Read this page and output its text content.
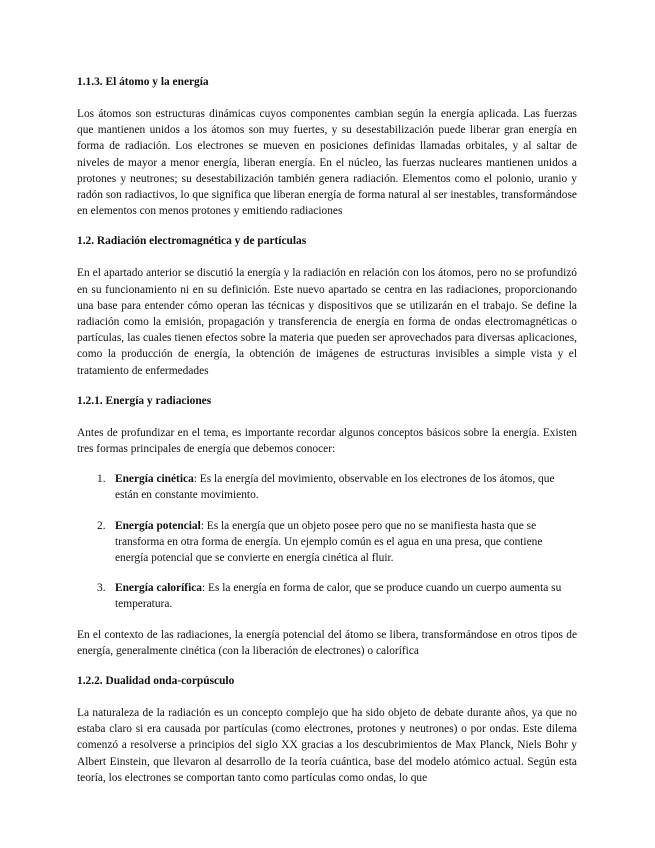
1.1.3. El átomo y la energía

Los átomos son estructuras dinámicas cuyos componentes cambian según la energía aplicada. Las fuerzas que mantienen unidos a los átomos son muy fuertes, y su desestabilización puede liberar gran energía en forma de radiación. Los electrones se mueven en posiciones definidas llamadas orbitales, y al saltar de niveles de mayor a menor energía, liberan energía. En el núcleo, las fuerzas nucleares mantienen unidos a protones y neutrones; su desestabilización también genera radiación. Elementos como el polonio, uranio y radón son radiactivos, lo que significa que liberan energía de forma natural al ser inestables, transformándose en elementos con menos protones y emitiendo radiaciones

1.2. Radiación electromagnética y de partículas

En el apartado anterior se discutió la energía y la radiación en relación con los átomos, pero no se profundizó en su funcionamiento ni en su definición. Este nuevo apartado se centra en las radiaciones, proporcionando una base para entender cómo operan las técnicas y dispositivos que se utilizarán en el trabajo. Se define la radiación como la emisión, propagación y transferencia de energía en forma de ondas electromagnéticas o partículas, las cuales tienen efectos sobre la materia que pueden ser aprovechados para diversas aplicaciones, como la producción de energía, la obtención de imágenes de estructuras invisibles a simple vista y el tratamiento de enfermedades

1.2.1. Energía y radiaciones

Antes de profundizar en el tema, es importante recordar algunos conceptos básicos sobre la energía. Existen tres formas principales de energía que debemos conocer:

1. Energía cinética: Es la energía del movimiento, observable en los electrones de los átomos, que están en constante movimiento.
2. Energía potencial: Es la energía que un objeto posee pero que no se manifiesta hasta que se transforma en otra forma de energía. Un ejemplo común es el agua en una presa, que contiene energía potencial que se convierte en energía cinética al fluir.
3. Energía calorífica: Es la energía en forma de calor, que se produce cuando un cuerpo aumenta su temperatura.

En el contexto de las radiaciones, la energía potencial del átomo se libera, transformándose en otros tipos de energía, generalmente cinética (con la liberación de electrones) o calorífica

1.2.2. Dualidad onda-corpúsculo

La naturaleza de la radiación es un concepto complejo que ha sido objeto de debate durante años, ya que no estaba claro si era causada por partículas (como electrones, protones y neutrones) o por ondas. Este dilema comenzó a resolverse a principios del siglo XX gracias a los descubrimientos de Max Planck, Niels Bohr y Albert Einstein, que llevaron al desarrollo de la teoría cuántica, base del modelo atómico actual. Según esta teoría, los electrones se comportan tanto como partículas como ondas, lo que
